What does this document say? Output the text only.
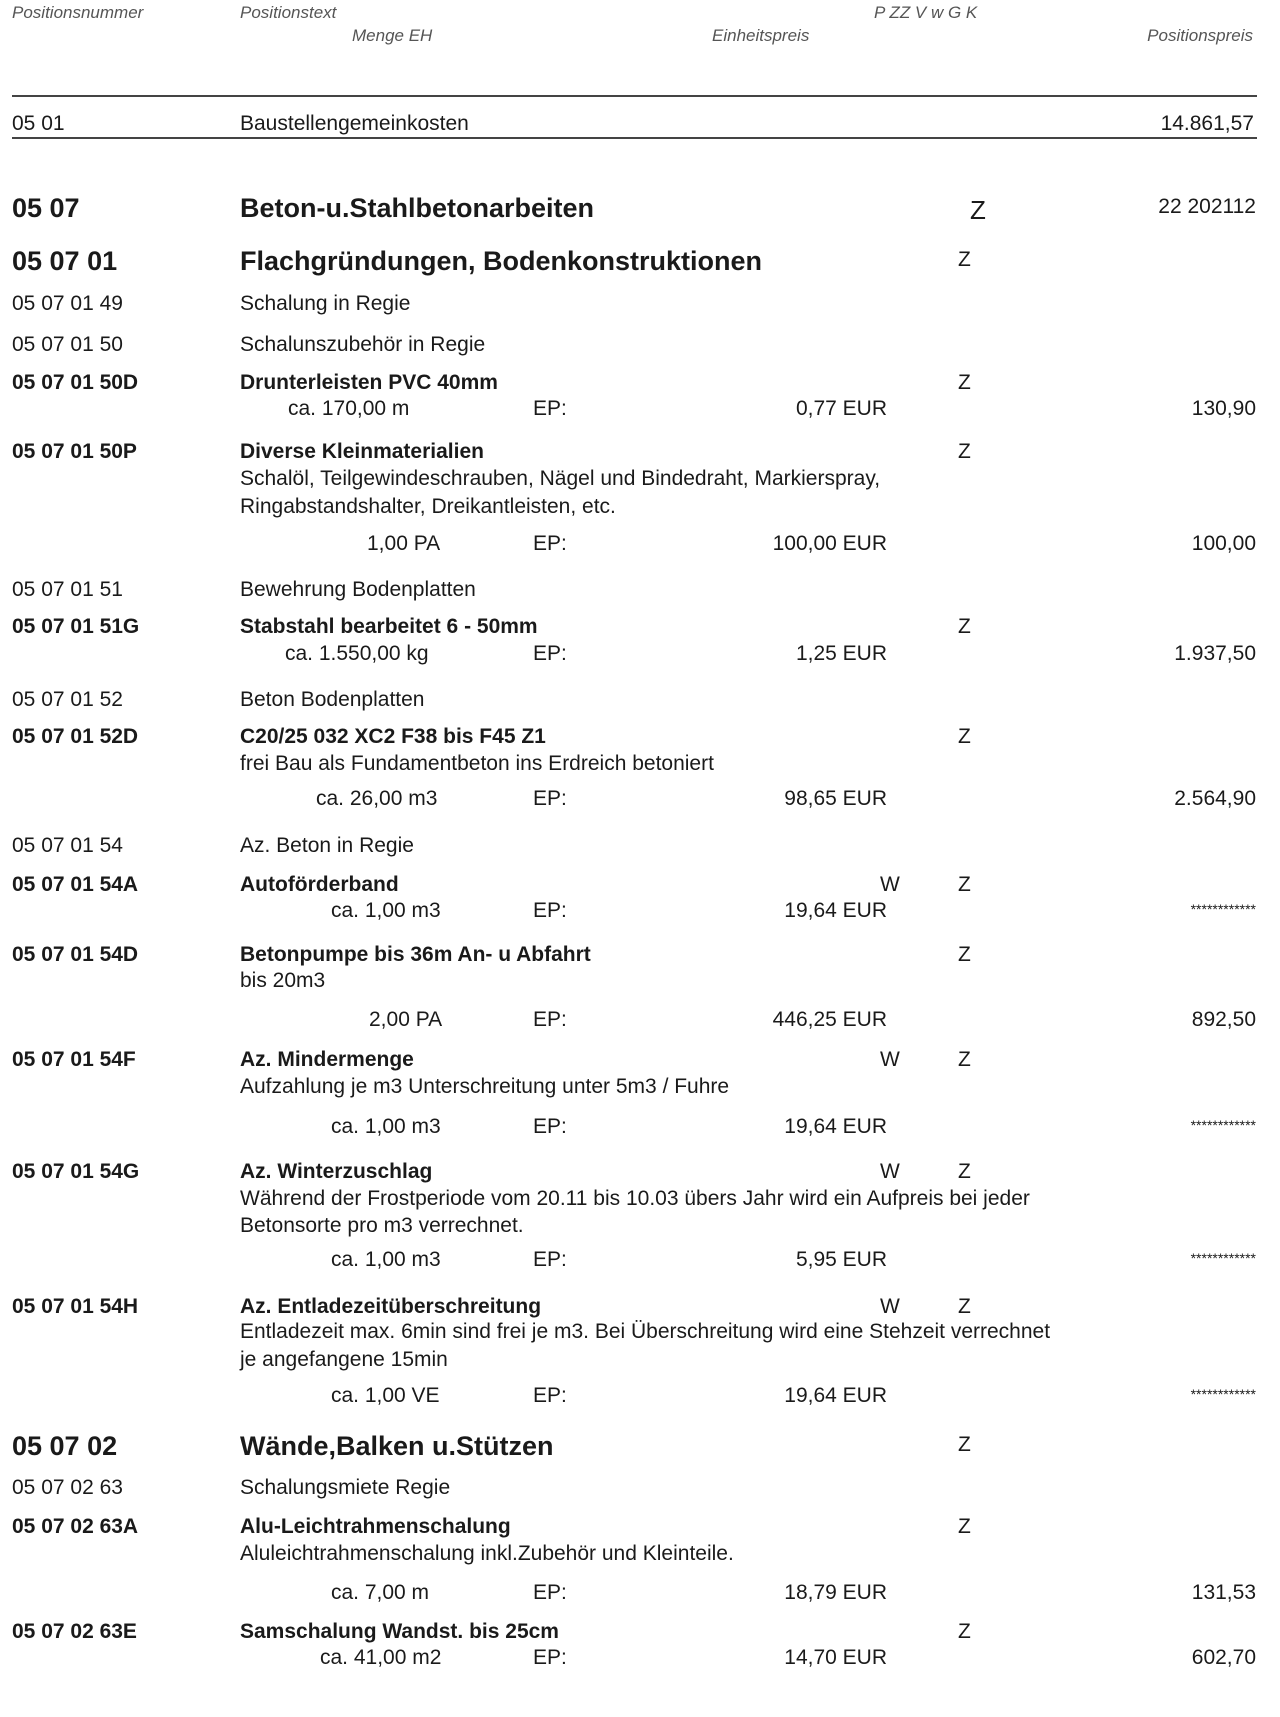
Positionsnummer	Positionstext
Menge EH
P ZZ V w G K
Einheitspreis	Positionspreis
05 01	Baustellengemeinkosten	14.861,57
05 07	Beton-u.Stahlbetonarbeiten	Z	22 202112
05 07 01	Flachgründungen, Bodenkonstruktionen	Z
05 07 01 49	Schalung in Regie
05 07 01 50	Schalunszubehör in Regie
05 07 01 50D	Drunterleisten PVC 40mm	Z
ca. 170,00 m	EP:	0,77 EUR	130,90
05 07 01 50P	Diverse Kleinmaterialien	Z
Schalöl, Teilgewindeschrauben, Nägel und Bindedraht, Markierspray,
Ringabstandshalter, Dreikantleisten, etc.
1,00 PA	EP:	100,00 EUR	100,00
05 07 01 51	Bewehrung Bodenplatten
05 07 01 51G	Stabstahl bearbeitet 6 - 50mm	Z
ca. 1.550,00 kg	EP:	1,25 EUR	1.937,50
05 07 01 52	Beton Bodenplatten
05 07 01 52D	C20/25 032 XC2 F38 bis F45 Z1	Z
frei Bau als Fundamentbeton ins Erdreich betoniert
ca. 26,00 m3	EP:	98,65 EUR	2.564,90
05 07 01 54	Az. Beton in Regie
05 07 01 54A	Autoförderband	W	Z
ca. 1,00 m3	EP:	19,64 EUR	************
05 07 01 54D	Betonpumpe bis 36m An- u Abfahrt	Z
bis 20m3
2,00 PA	EP:	446,25 EUR	892,50
05 07 01 54F	Az. Mindermenge	W	Z
Aufzahlung je m3 Unterschreitung unter 5m3 / Fuhre
ca. 1,00 m3	EP:	19,64 EUR	************
05 07 01 54G	Az. Winterzuschlag	W	Z
Während der Frostperiode vom 20.11 bis 10.03 übers Jahr wird ein Aufpreis bei jeder
Betonsorte pro m3 verrechnet.
ca. 1,00 m3	EP:	5,95 EUR	************
05 07 01 54H	Az. Entladezeitüberschreitung	W	Z
Entladezeit max. 6min sind frei je m3. Bei Überschreitung wird eine Stehzeit verrechnet
je angefangene 15min
ca. 1,00 VE	EP:	19,64 EUR	************
05 07 02	Wände,Balken u.Stützen	Z
05 07 02 63	Schalungsmiete Regie
05 07 02 63A	Alu-Leichtrahmenschalung	Z
Aluleichtrahmenschalung inkl.Zubehör und Kleinteile.
ca. 7,00 m	EP:	18,79 EUR	131,53
05 07 02 63E	Samschalung Wandst. bis 25cm	Z
ca. 41,00 m2	EP:	14,70 EUR	602,70
